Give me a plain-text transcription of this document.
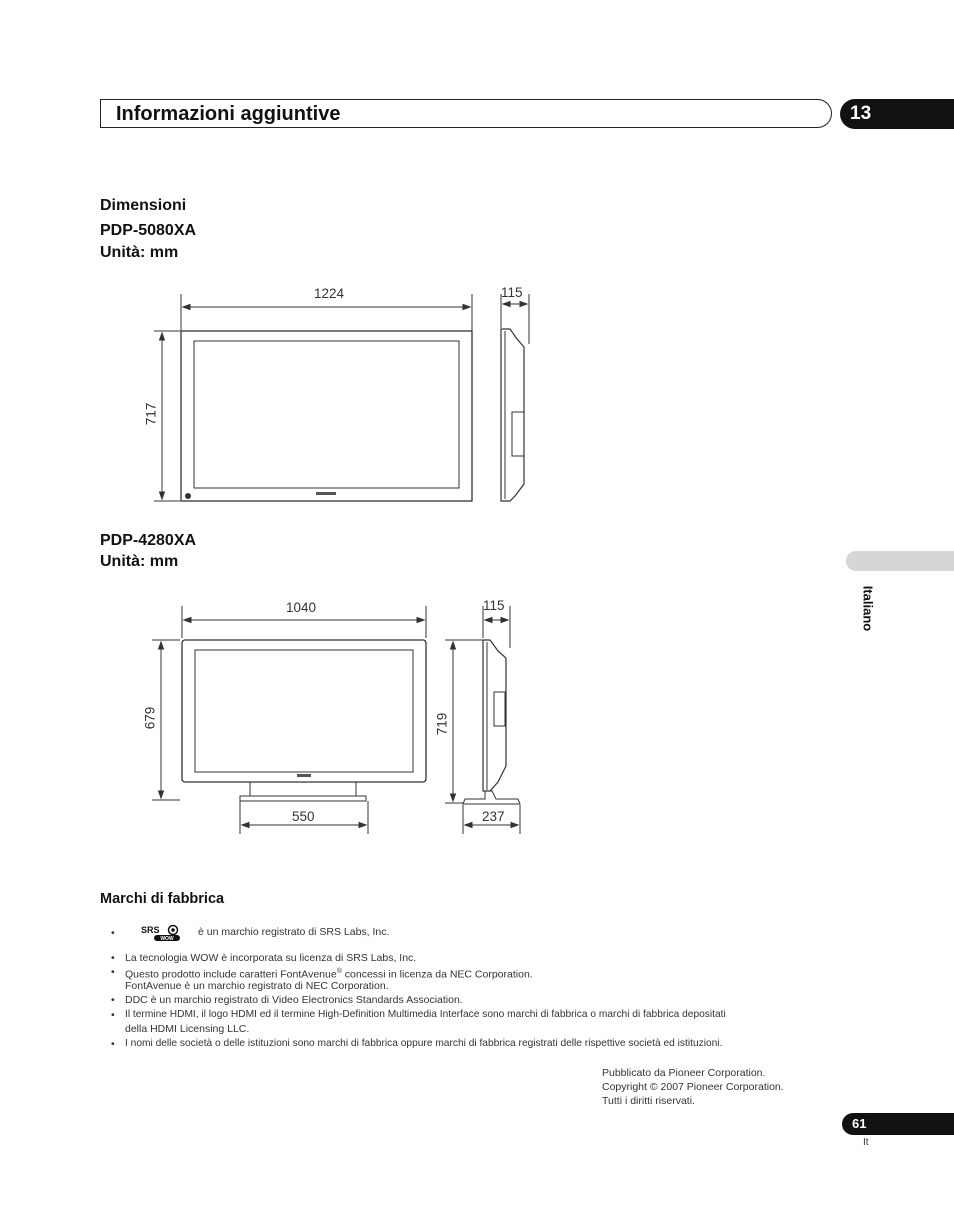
Informazioni aggiuntive	13
Dimensioni
PDP-5080XA
Unità: mm
1224	115
717
PDP-4280XA
Unità: mm
1040	115
679	719
550	237
Italiano
Marchi di fabbrica
•	SRS
WOW
è un marchio registrato di SRS Labs, Inc.
• La tecnologia WOW è incorporata su licenza di SRS Labs, Inc.
• Questo prodotto include caratteri FontAvenue® concessi in licenza da NEC Corporation.
FontAvenue è un marchio registrato di NEC Corporation.
• DDC è un marchio registrato di Video Electronics Standards Association.
• Il termine HDMI, il logo HDMI ed il termine High-Definition Multimedia Interface sono marchi di fabbrica o marchi di fabbrica depositati
della HDMI Licensing LLC.
• I nomi delle società o delle istituzioni sono marchi di fabbrica oppure marchi di fabbrica registrati delle rispettive società ed istituzioni.
Pubblicato da Pioneer Corporation.
Copyright © 2007 Pioneer Corporation.
Tutti i diritti riservati.
61
It
